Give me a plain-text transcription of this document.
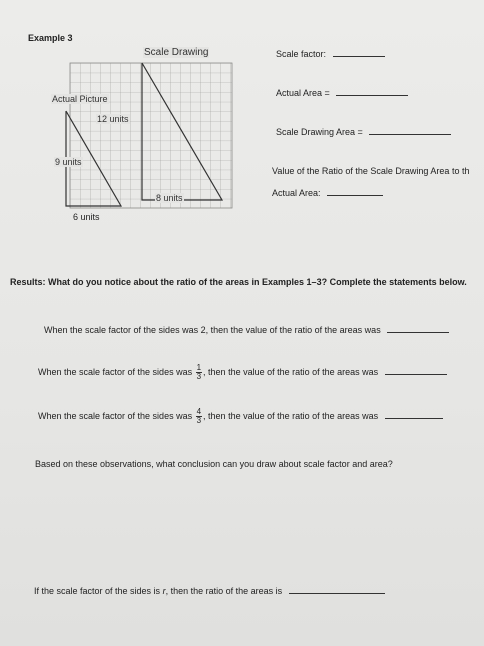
Example 3
Scale Drawing
Actual Picture
12 units
9 units
8 units
6 units
Scale factor:
Actual Area =
Scale Drawing Area =
Value of the Ratio of the Scale Drawing Area to th
Actual Area:
Results: What do you notice about the ratio of the areas in Examples 1–3? Complete the statements below.
When the scale factor of the sides was 2, then the value of the ratio of the areas was
When the scale factor of the sides was $\frac{1}{3}$ , then the value of the ratio of the areas was
When the scale factor of the sides was $\frac{4}{3}$ , then the value of the ratio of the areas was
Based on these observations, what conclusion can you draw about scale factor and area?
If the scale factor of the sides is r, then the ratio of the areas is
